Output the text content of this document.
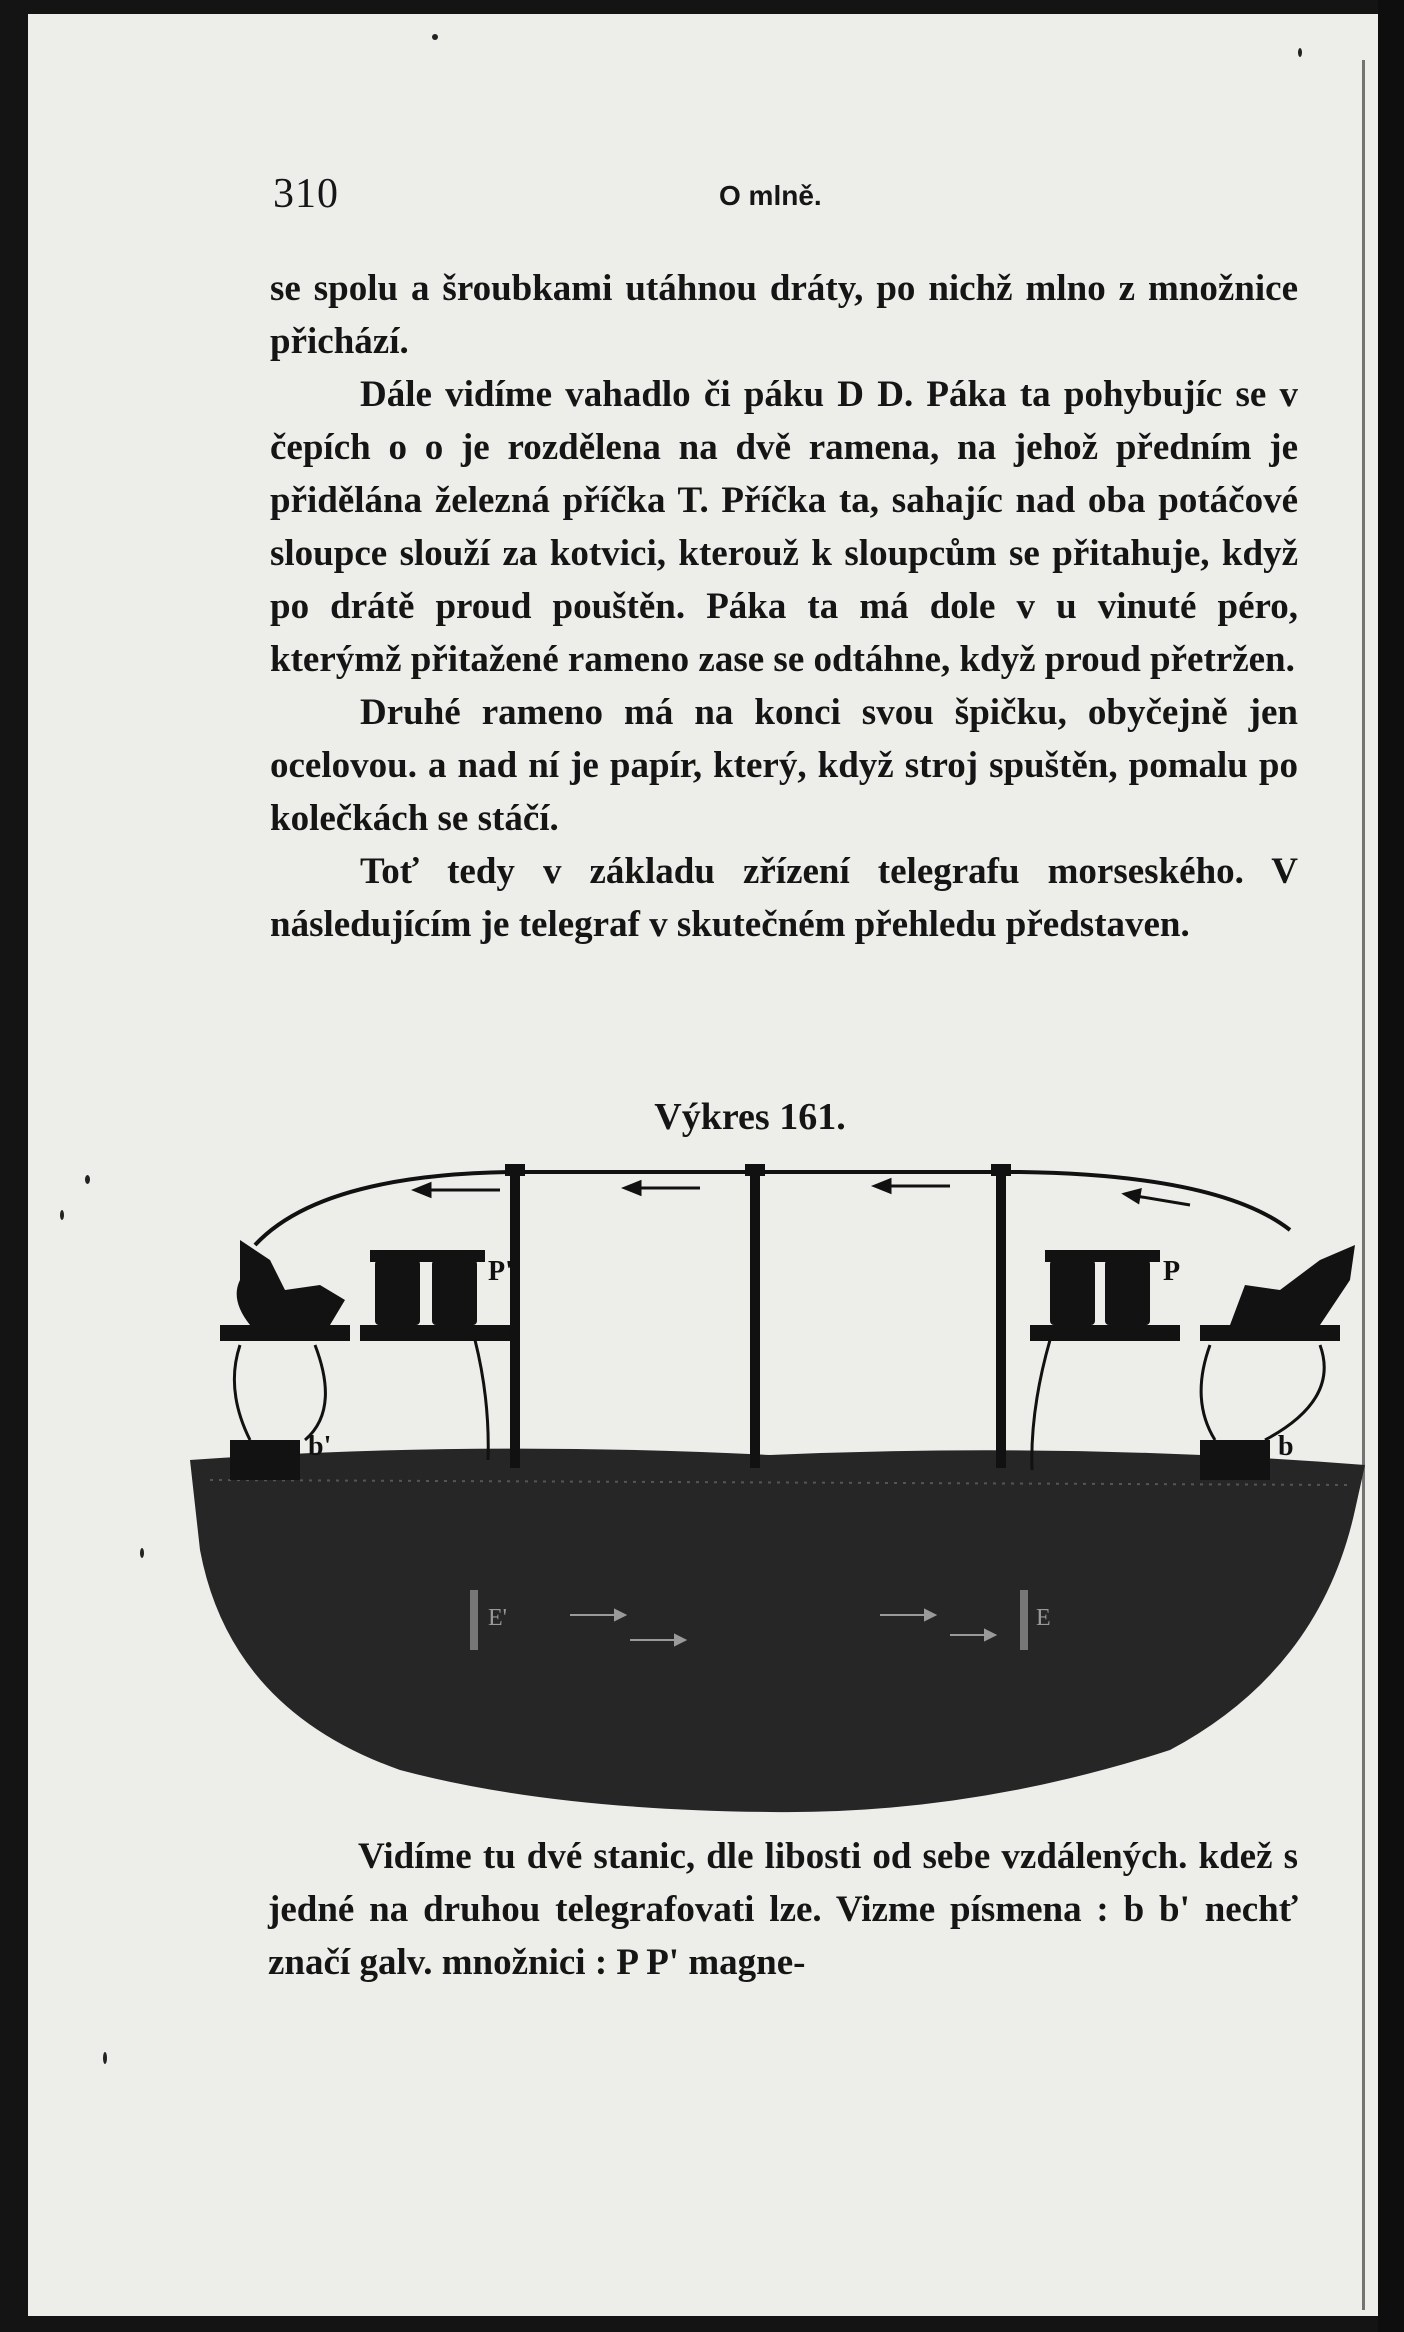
310	O mlně.

se spolu a šroubkami utáhnou dráty, po nichž mlno z množnice přichází.

Dále vidíme vahadlo či páku D D. Páka ta pohybujíc se v čepích o o je rozdělena na dvě ramena, na jehož předním je přidělána železná příčka T. Příčka ta, sahajíc nad oba potáčové sloupce slouží za kotvici, kterouž k sloupcům se přitahuje, když po drátě proud pouštěn. Páka ta má dole v u vinuté péro, kterýmž přitažené rameno zase se odtáhne, když proud přetržen.

Druhé rameno má na konci svou špičku, obyčejně jen ocelovou. a nad ní je papír, který, když stroj spuštěn, pomalu po kolečkách se stáčí.

Toť tedy v základu zřízení telegrafu morseského. V následujícím je telegraf v skutečném přehledu představen.

Výkres 161.
P'
b'
P
b
E'	E

Vidíme tu dvé stanic, dle libosti od sebe vzdálených. kdež s jedné na druhou telegrafovati lze. Vizme písmena : b b' nechť značí galv. množnici : P P' magne-
